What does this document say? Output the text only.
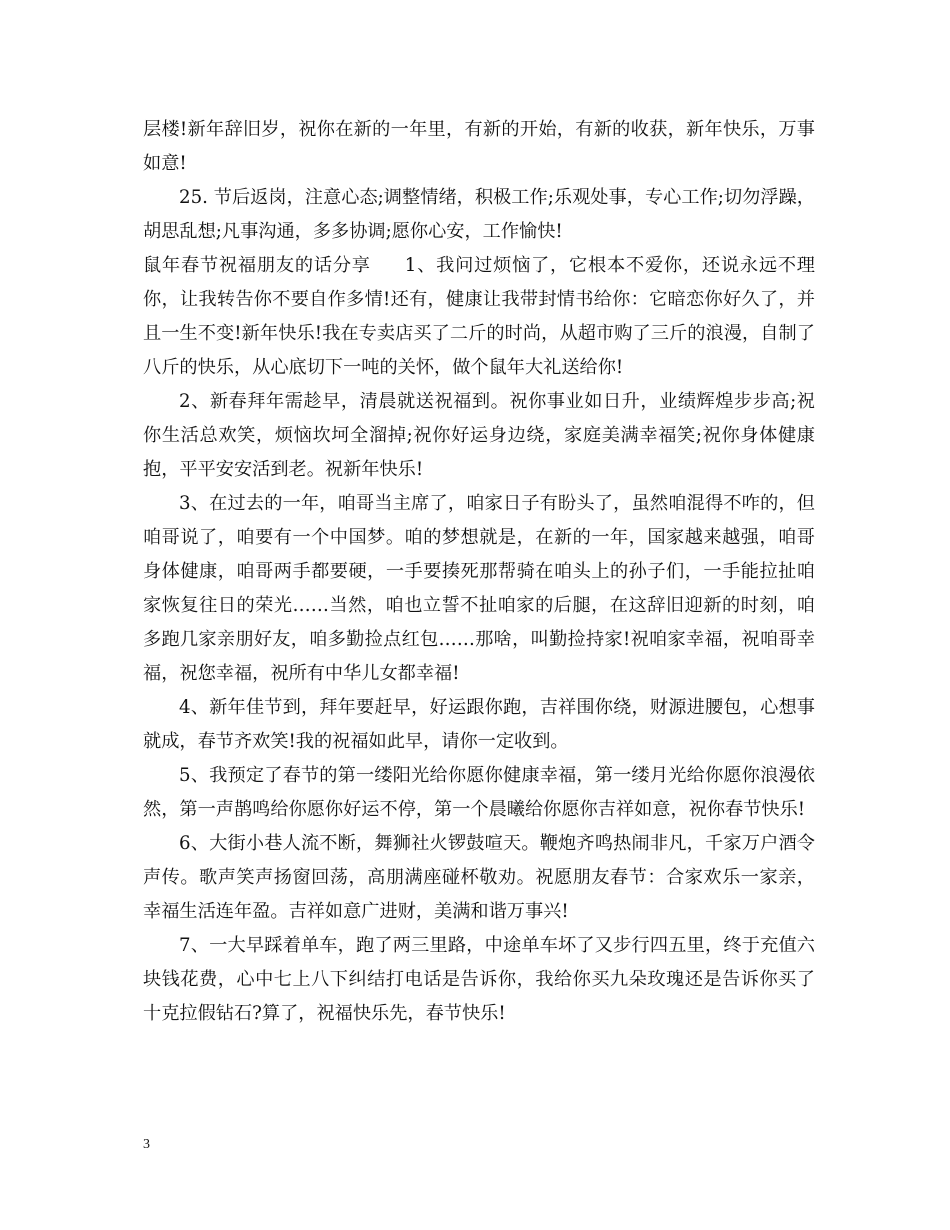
层楼!新年辞旧岁，祝你在新的一年里，有新的开始，有新的收获，新年快乐，万事如意!

25. 节后返岗，注意心态;调整情绪，积极工作;乐观处事，专心工作;切勿浮躁，胡思乱想;凡事沟通，多多协调;愿你心安，工作愉快!

鼠年春节祝福朋友的话分享 1、我问过烦恼了，它根本不爱你，还说永远不理你，让我转告你不要自作多情!还有，健康让我带封情书给你：它暗恋你好久了，并且一生不变!新年快乐!我在专卖店买了二斤的时尚，从超市购了三斤的浪漫，自制了八斤的快乐，从心底切下一吨的关怀，做个鼠年大礼送给你!

2、新春拜年需趁早，清晨就送祝福到。祝你事业如日升，业绩辉煌步步高;祝你生活总欢笑，烦恼坎坷全溜掉;祝你好运身边绕，家庭美满幸福笑;祝你身体健康抱，平平安安活到老。祝新年快乐!

3、在过去的一年，咱哥当主席了，咱家日子有盼头了，虽然咱混得不咋的，但咱哥说了，咱要有一个中国梦。咱的梦想就是，在新的一年，国家越来越强，咱哥身体健康，咱哥两手都要硬，一手要揍死那帮骑在咱头上的孙子们，一手能拉扯咱家恢复往日的荣光……当然，咱也立誓不扯咱家的后腿，在这辞旧迎新的时刻，咱多跑几家亲朋好友，咱多勤捡点红包……那啥，叫勤捡持家!祝咱家幸福，祝咱哥幸福，祝您幸福，祝所有中华儿女都幸福!

4、新年佳节到，拜年要赶早，好运跟你跑，吉祥围你绕，财源进腰包，心想事就成，春节齐欢笑!我的祝福如此早，请你一定收到。

5、我预定了春节的第一缕阳光给你愿你健康幸福，第一缕月光给你愿你浪漫依然，第一声鹊鸣给你愿你好运不停，第一个晨曦给你愿你吉祥如意，祝你春节快乐!

6、大街小巷人流不断，舞狮社火锣鼓喧天。鞭炮齐鸣热闹非凡，千家万户酒令声传。歌声笑声扬窗回荡，高朋满座碰杯敬劝。祝愿朋友春节：合家欢乐一家亲，幸福生活连年盈。吉祥如意广进财，美满和谐万事兴!

7、一大早踩着单车，跑了两三里路，中途单车坏了又步行四五里，终于充值六块钱花费，心中七上八下纠结打电话是告诉你，我给你买九朵玫瑰还是告诉你买了十克拉假钻石?算了，祝福快乐先，春节快乐!

3
